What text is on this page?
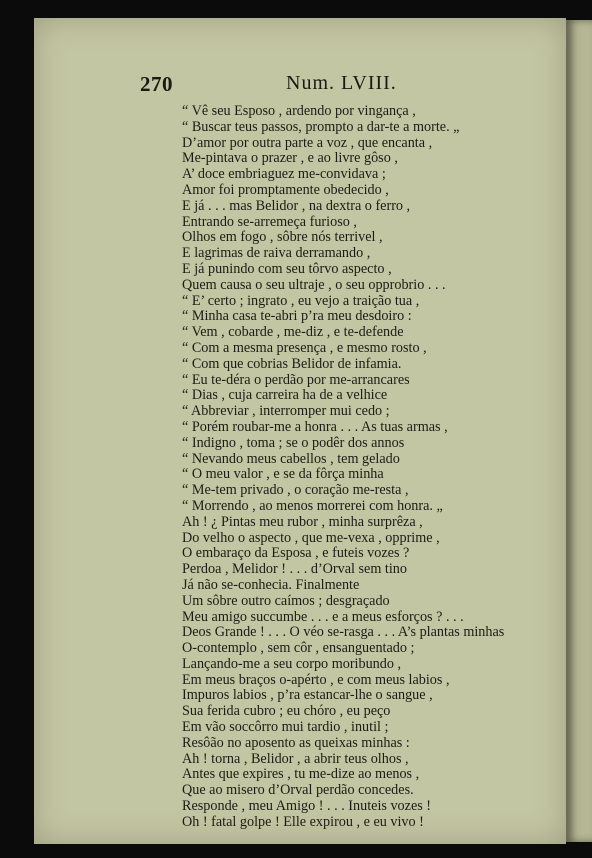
270	Num. LVIII.
“ Vê seu Esposo , ardendo por vingança ,
“ Buscar teus passos, prompto a dar-te a morte. „
D’amor por outra parte a voz , que encanta ,
Me-pintava o prazer , e ao livre gôso ,
A’ doce embriaguez me-convidava ;
Amor foi promptamente obedecido ,
E já . . . mas Belidor , na dextra o ferro ,
Entrando se-arremeça furioso ,
Olhos em fogo , sôbre nós terrivel ,
E lagrimas de raiva derramando ,
E já punindo com seu tôrvo aspecto ,
Quem causa o seu ultraje , o seu opprobrio . . .
“ E’ certo ; ingrato , eu vejo a traição tua ,
“ Minha casa te-abri p’ra meu desdoiro :
“ Vem , cobarde , me-diz , e te-defende
“ Com a mesma presença , e mesmo rosto ,
“ Com que cobrias Belidor de infamia.
“ Eu te-déra o perdão por me-arrancares
“ Dias , cuja carreira ha de a velhice
“ Abbreviar , interromper mui cedo ;
“ Porém roubar-me a honra . . . As tuas armas ,
“ Indigno , toma ; se o podêr dos annos
“ Nevando meus cabellos , tem gelado
“ O meu valor , e se da fôrça minha
“ Me-tem privado , o coração me-resta ,
“ Morrendo , ao menos morrerei com honra. „
Ah ! ¿ Pintas meu rubor , minha surprêza ,
Do velho o aspecto , que me-vexa , opprime ,
O embaraço da Esposa , e futeis vozes ?
Perdoa , Melidor ! . . . d’Orval sem tino
Já não se-conhecia. Finalmente
Um sôbre outro caímos ; desgraçado
Meu amigo succumbe . . . e a meus esforços ? . . .
Deos Grande ! . . . O véo se-rasga . . . A’s plantas minhas
O-contemplo , sem côr , ensanguentado ;
Lançando-me a seu corpo moribundo ,
Em meus braços o-apérto , e com meus labios ,
Impuros labios , p’ra estancar-lhe o sangue ,
Sua ferida cubro ; eu chóro , eu peço
Em vão soccôrro mui tardio , inutil ;
Resôão no aposento as queixas minhas :
Ah ! torna , Belidor , a abrir teus olhos ,
Antes que expires , tu me-dize ao menos ,
Que ao misero d’Orval perdão concedes.
Responde , meu Amigo ! . . . Inuteis vozes !
Oh ! fatal golpe ! Elle expirou , e eu vivo !
